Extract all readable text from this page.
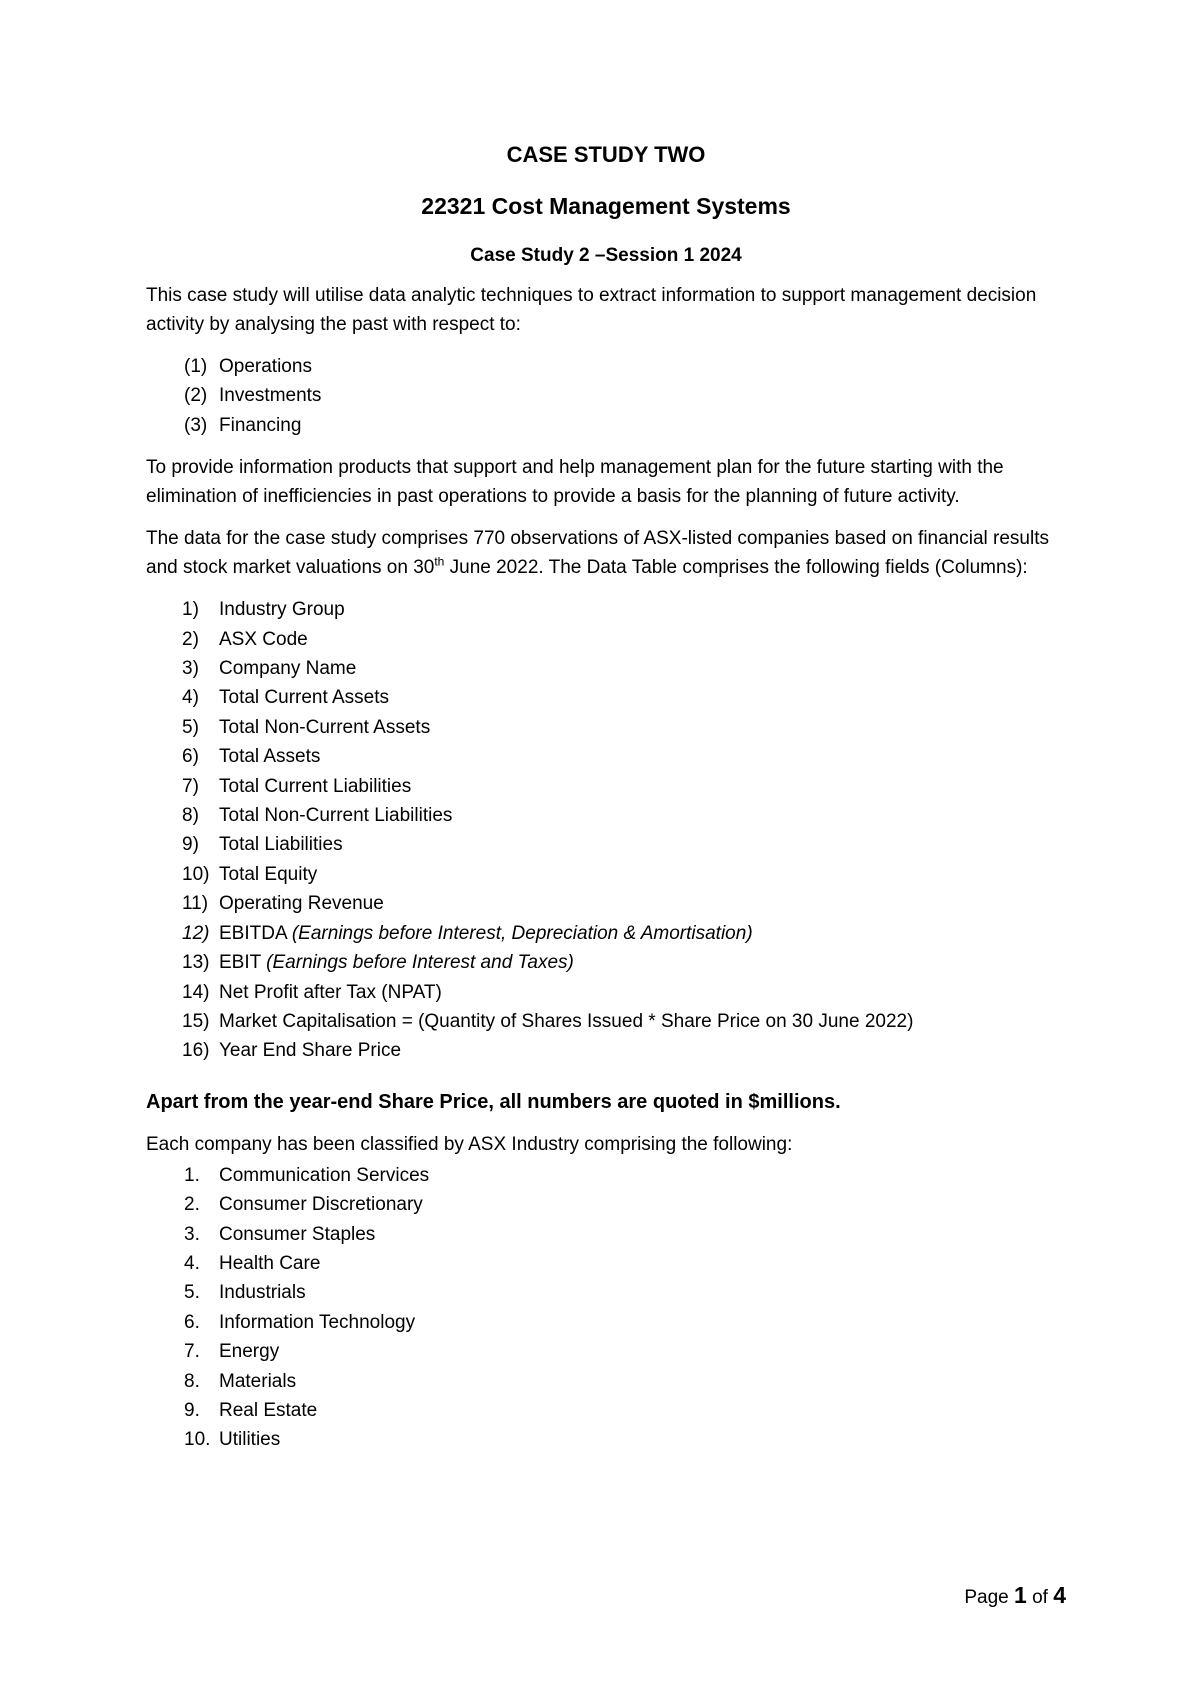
CASE STUDY TWO
22321 Cost Management Systems
Case Study 2 –Session 1 2024

This case study will utilise data analytic techniques to extract information to support management decision activity by analysing the past with respect to:

(1) Operations
(2) Investments
(3) Financing

To provide information products that support and help management plan for the future starting with the elimination of inefficiencies in past operations to provide a basis for the planning of future activity.

The data for the case study comprises 770 observations of ASX-listed companies based on financial results and stock market valuations on 30th June 2022. The Data Table comprises the following fields (Columns):

1) Industry Group
2) ASX Code
3) Company Name
4) Total Current Assets
5) Total Non-Current Assets
6) Total Assets
7) Total Current Liabilities
8) Total Non-Current Liabilities
9) Total Liabilities
10) Total Equity
11) Operating Revenue
12) EBITDA (Earnings before Interest, Depreciation & Amortisation)
13) EBIT (Earnings before Interest and Taxes)
14) Net Profit after Tax (NPAT)
15) Market Capitalisation = (Quantity of Shares Issued * Share Price on 30 June 2022)
16) Year End Share Price

Apart from the year-end Share Price, all numbers are quoted in $millions.

Each company has been classified by ASX Industry comprising the following:

1. Communication Services
2. Consumer Discretionary
3. Consumer Staples
4. Health Care
5. Industrials
6. Information Technology
7. Energy
8. Materials
9. Real Estate
10. Utilities
Page 1 of 4
